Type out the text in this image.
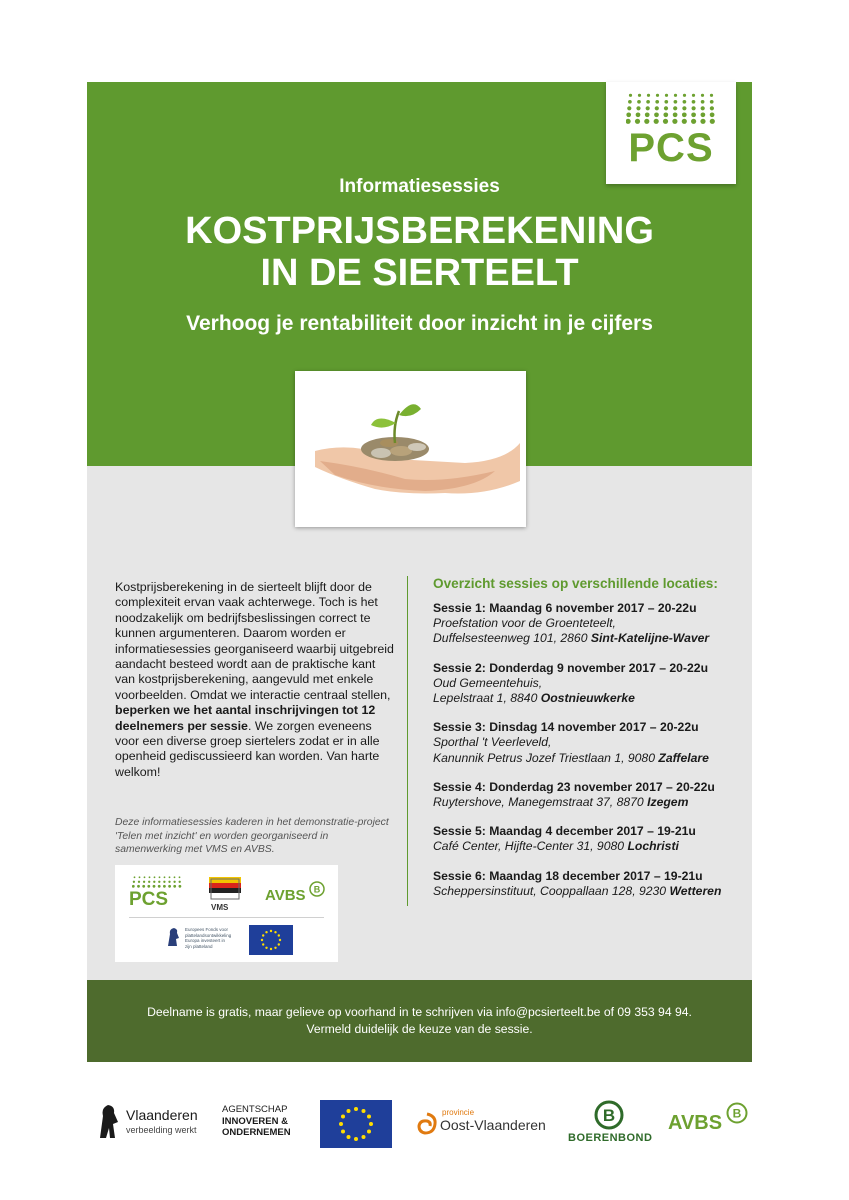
PCS
Informatiesessies
KOSTPRIJSBEREKENING
IN DE SIERTEELT
Verhoog je rentabiliteit door inzicht in je cijfers
Kostprijsberekening in de sierteelt blijft door de complexiteit ervan vaak achterwege. Toch is het noodzakelijk om bedrijfsbeslissingen correct te kunnen argumenteren. Daarom worden er informatiesessies georganiseerd waarbij uitgebreid aandacht besteed wordt aan de praktische kant van kostprijsberekening, aangevuld met enkele voorbeelden. Omdat we interactie centraal stellen, beperken we het aantal inschrijvingen tot 12 deelnemers per sessie. We zorgen eveneens voor een diverse groep siertelers zodat er in alle openheid gediscussieerd kan worden. Van harte welkom!
Deze informatiesessies kaderen in het demonstratie-project 'Telen met inzicht' en worden georganiseerd in samenwerking met VMS en AVBS.
PCS	VMS
AVBS B
Europees Fonds voor
plattelandsontwikkeling
Europa investeert in
zijn platteland
Overzicht sessies op verschillende locaties:
Sessie 1: Maandag 6 november 2017 – 20-22u
Proefstation voor de Groenteteelt,
Duffelsesteenweg 101, 2860 Sint-Katelijne-Waver
Sessie 2: Donderdag 9 november 2017 – 20-22u
Oud Gemeentehuis,
Lepelstraat 1, 8840 Oostnieuwkerke
Sessie 3: Dinsdag 14 november 2017 – 20-22u
Sporthal 't Veerleveld,
Kanunnik Petrus Jozef Triestlaan 1, 9080 Zaffelare
Sessie 4: Donderdag 23 november 2017 – 20-22u
Ruytershove, Manegemstraat 37, 8870 Izegem
Sessie 5: Maandag 4 december 2017 – 19-21u
Café Center, Hijfte-Center 31, 9080 Lochristi
Sessie 6: Maandag 18 december 2017 – 19-21u
Scheppersinstituut, Cooppallaan 128, 9230 Wetteren
Deelname is gratis, maar gelieve op voorhand in te schrijven via info@pcsierteelt.be of 09 353 94 94.
Vermeld duidelijk de keuze van de sessie.
Vlaanderen
verbeelding werkt
AGENTSCHAP
INNOVEREN &
ONDERNEMEN
provincie
Oost-Vlaanderen	B
BOERENBOND
AVBS B
